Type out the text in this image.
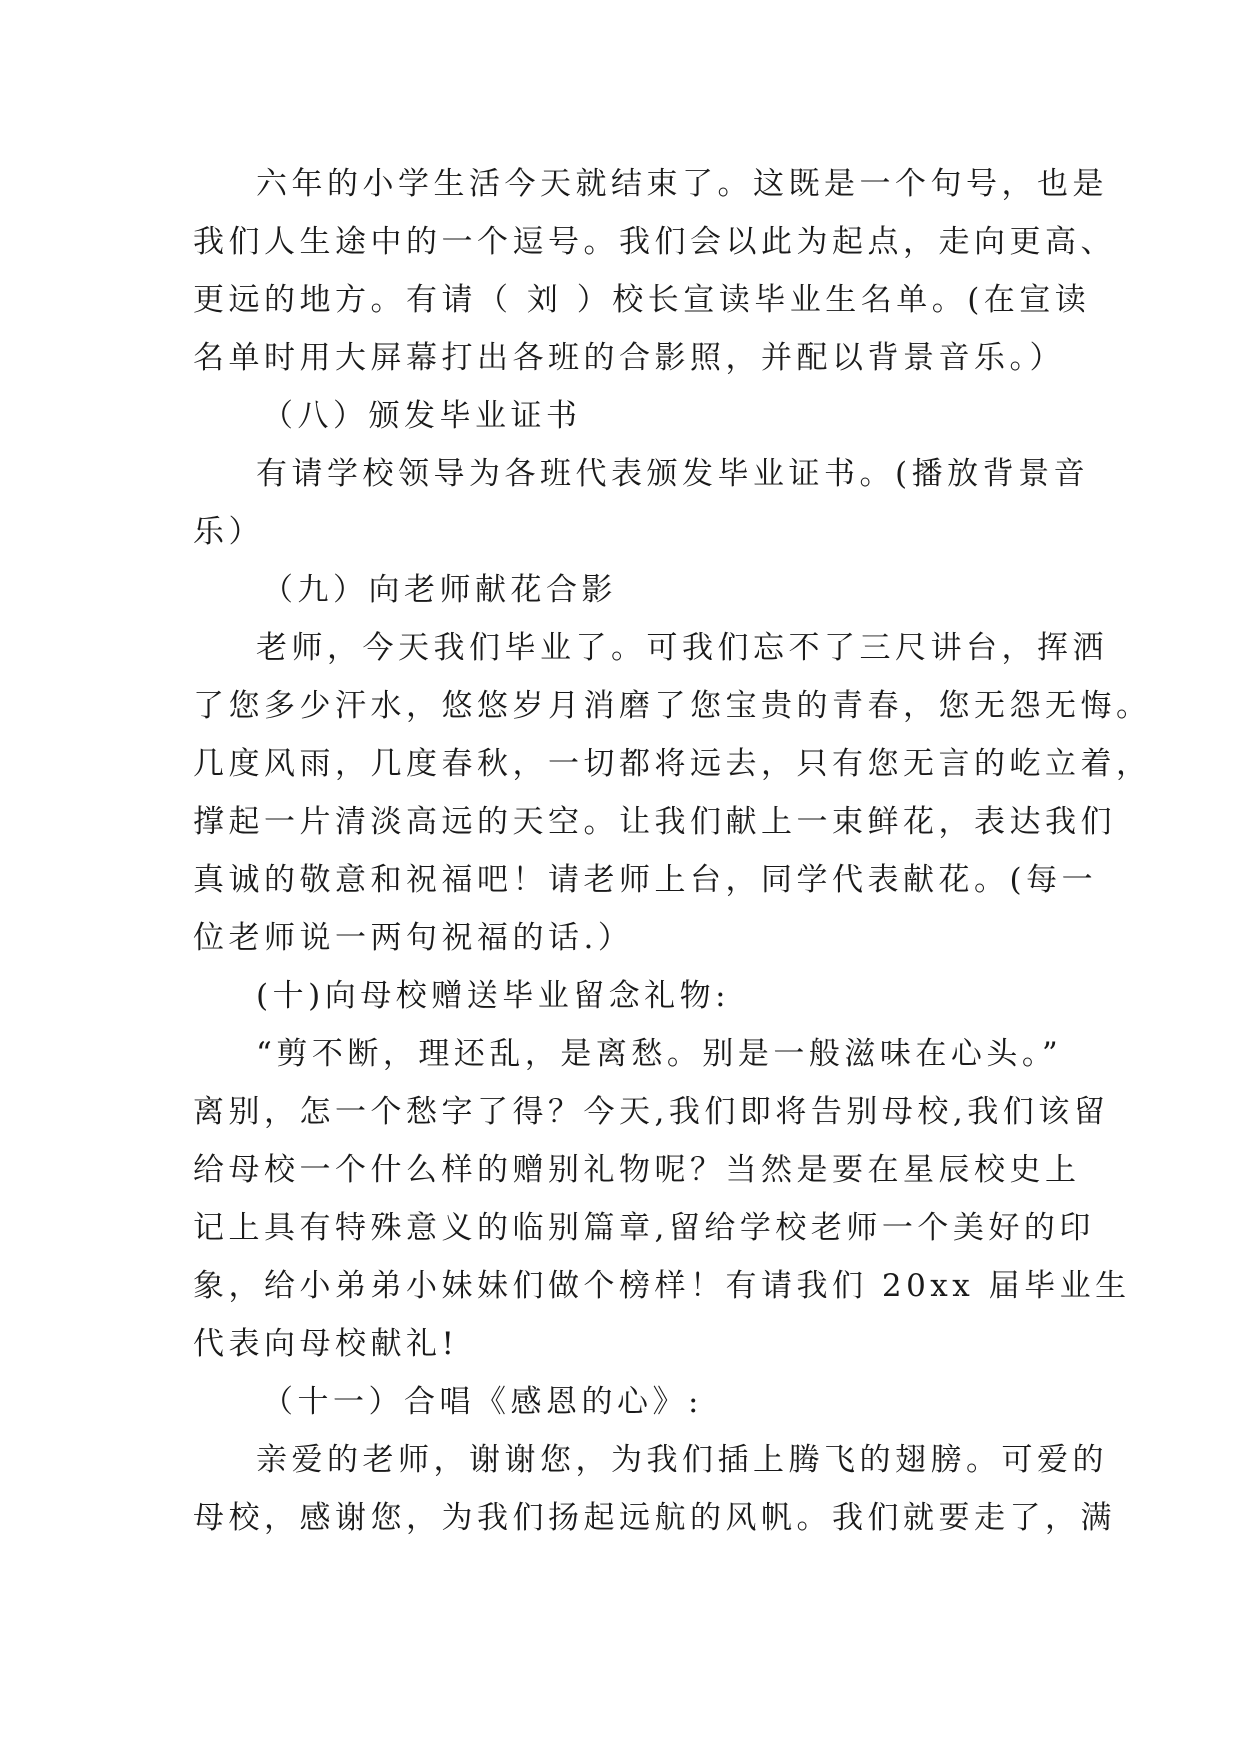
六年的小学生活今天就结束了。这既是一个句号，也是
我们人生途中的一个逗号。我们会以此为起点，走向更高、
更远的地方。有请（ 刘 ）校长宣读毕业生名单。(在宣读
名单时用大屏幕打出各班的合影照，并配以背景音乐。）
（八）颁发毕业证书
有请学校领导为各班代表颁发毕业证书。(播放背景音
乐）
（九）向老师献花合影
老师，今天我们毕业了。可我们忘不了三尺讲台，挥洒
了您多少汗水，悠悠岁月消磨了您宝贵的青春，您无怨无悔。
几度风雨，几度春秋，一切都将远去，只有您无言的屹立着，
撑起一片清淡高远的天空。让我们献上一束鲜花，表达我们
真诚的敬意和祝福吧！请老师上台，同学代表献花。(每一
位老师说一两句祝福的话.）
(十)向母校赠送毕业留念礼物:
“剪不断，理还乱，是离愁。别是一般滋味在心头。”
离别，怎一个愁字了得？今天,我们即将告别母校,我们该留
给母校一个什么样的赠别礼物呢？当然是要在星辰校史上
记上具有特殊意义的临别篇章,留给学校老师一个美好的印
象，给小弟弟小妹妹们做个榜样！有请我们 20xx 届毕业生
代表向母校献礼!
（十一）合唱《感恩的心》:
亲爱的老师，谢谢您，为我们插上腾飞的翅膀。可爱的
母校，感谢您，为我们扬起远航的风帆。我们就要走了，满
